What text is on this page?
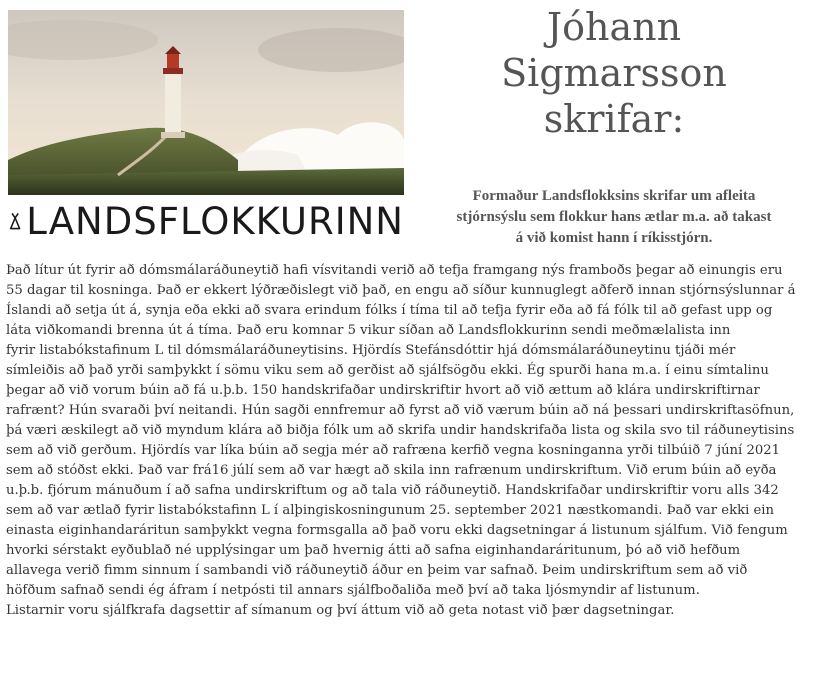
LANDSFLOKKURINN
Jóhann
Sigmarsson
skrifar:
Formaður Landsflokksins skrifar um afleita
stjórnsýslu sem flokkur hans ætlar m.a. að takast
á við komist hann í ríkisstjórn.
Það lítur út fyrir að dómsmálaráðuneytið hafi vísvitandi verið að tefja framgang nýs framboðs þegar að einungis eru
55 dagar til kosninga. Það er ekkert lýðræðislegt við það, en engu að síður kunnuglegt aðferð innan stjórnsýslunnar á
Íslandi að setja út á, synja eða ekki að svara erindum fólks í tíma til að tefja fyrir eða að fá fólk til að gefast upp og
láta viðkomandi brenna út á tíma. Það eru komnar 5 vikur síðan að Landsflokkurinn sendi meðmælalista inn
fyrir listabókstafinum L til dómsmálaráðuneytisins. Hjördís Stefánsdóttir hjá dómsmálaráðuneytinu tjáði mér
símleiðis að það yrði samþykkt í sömu viku sem að gerðist að sjálfsögðu ekki. Ég spurði hana m.a. í einu símtalinu
þegar að við vorum búin að fá u.þ.b. 150 handskrifaðar undirskriftir hvort að við ættum að klára undirskriftirnar
rafrænt? Hún svaraði því neitandi. Hún sagði ennfremur að fyrst að við værum búin að ná þessari undirskriftasöfnun,
þá væri æskilegt að við myndum klára að biðja fólk um að skrifa undir handskrifaða lista og skila svo til ráðuneytisins
sem að við gerðum. Hjördís var líka búin að segja mér að rafræna kerfið vegna kosninganna yrði tilbúið 7 júní 2021
sem að stóðst ekki. Það var frá16 júlí sem að var hægt að skila inn rafrænum undirskriftum. Við erum búin að eyða
u.þ.b. fjórum mánuðum í að safna undirskriftum og að tala við ráðuneytið. Handskrifaðar undirskriftir voru alls 342
sem að var ætlað fyrir listabókstafinn L í alþingiskosningunum 25. september 2021 næstkomandi. Það var ekki ein
einasta eiginhandaráritun samþykkt vegna formsgalla að það voru ekki dagsetningar á listunum sjálfum. Við fengum
hvorki sérstakt eyðublað né upplýsingar um það hvernig átti að safna eiginhandaráritunum, þó að við hefðum
allavega verið fimm sinnum í sambandi við ráðuneytið áður en þeim var safnað. Þeim undirskriftum sem að við
höfðum safnað sendi ég áfram í netpósti til annars sjálfboðaliða með því að taka ljósmyndir af listunum.
Listarnir voru sjálfkrafa dagsettir af símanum og því áttum við að geta notast við þær dagsetningar.
